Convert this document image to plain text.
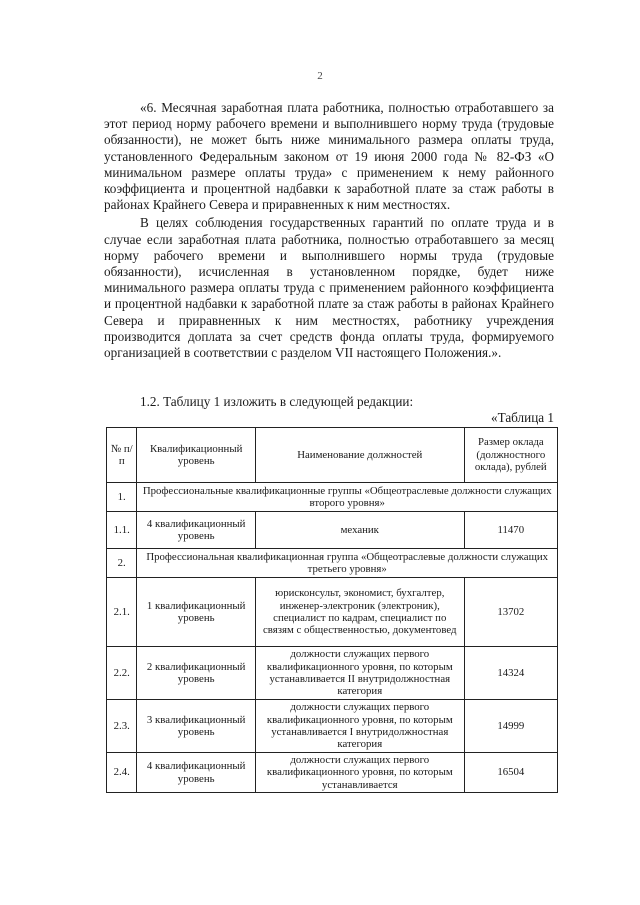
2

«6. Месячная заработная плата работника, полностью отработавшего за этот период норму рабочего времени и выполнившего норму труда (трудовые обязанности), не может быть ниже минимального размера оплаты труда, установленного Федеральным законом от 19 июня 2000 года № 82-ФЗ «О минимальном размере оплаты труда» с применением к нему районного коэффициента и процентной надбавки к заработной плате за стаж работы в районах Крайнего Севера и приравненных к ним местностях.

В целях соблюдения государственных гарантий по оплате труда и в случае если заработная плата работника, полностью отработавшего за месяц норму рабочего времени и выполнившего нормы труда (трудовые обязанности), исчисленная в установленном порядке, будет ниже минимального размера оплаты труда с применением районного коэффициента и процентной надбавки к заработной плате за стаж работы в районах Крайнего Севера и приравненных к ним местностях, работнику учреждения производится доплата за счет средств фонда оплаты труда, формируемого организацией в соответствии с разделом VII настоящего Положения.».

1.2. Таблицу 1 изложить в следующей редакции:
«Таблица 1
№ п/п	Квалификационный уровень	Наименование должностей	Размер оклада (должностного оклада), рублей
1.	Профессиональные квалификационные группы «Общеотраслевые должности служащих второго уровня»		
1.1.	4 квалификационный уровень	механик	11470
2.	Профессиональная квалификационная группа «Общеотраслевые должности служащих третьего уровня»		
2.1.	1 квалификационный уровень	юрисконсульт, экономист, бухгалтер, инженер-электроник (электроник), специалист по кадрам, специалист по связям с общественностью, документовед	13702
2.2.	2 квалификационный уровень	должности служащих первого квалификационного уровня, по которым устанавливается II внутридолжностная категория	14324
2.3.	3 квалификационный уровень	должности служащих первого квалификационного уровня, по которым устанавливается I внутридолжностная категория	14999
2.4.	4 квалификационный уровень	должности служащих первого квалификационного уровня, по которым устанавливается	16504
